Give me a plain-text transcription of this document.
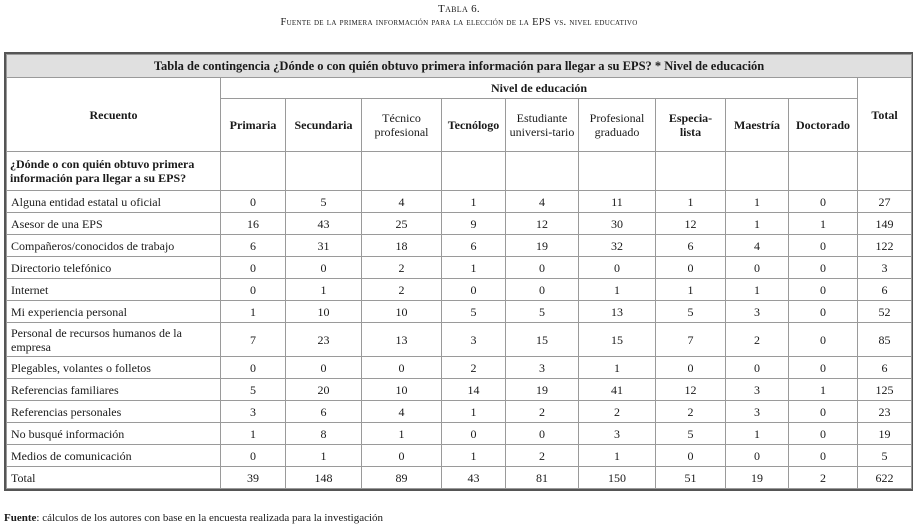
Tabla 6.
Fuente de la primera información para la elección de la EPS vs. nivel educativo
Tabla de contingencia ¿Dónde o con quién obtuvo primera información para llegar a su EPS? * Nivel de educación										
Recuento	Nivel de educación									Total
	Primaria	Secundaria	Técnico profesional	Tecnólogo	Estudiante universi-tario	Profesional graduado	Especia-lista	Maestría	Doctorado	
¿Dónde o con quién obtuvo primera información para llegar a su EPS?										
Alguna entidad estatal u oficial	0	5	4	1	4	11	1	1	0	27
Asesor de una EPS	16	43	25	9	12	30	12	1	1	149
Compañeros/conocidos de trabajo	6	31	18	6	19	32	6	4	0	122
Directorio telefónico	0	0	2	1	0	0	0	0	0	3
Internet	0	1	2	0	0	1	1	1	0	6
Mi experiencia personal	1	10	10	5	5	13	5	3	0	52
Personal de recursos humanos de la empresa	7	23	13	3	15	15	7	2	0	85
Plegables, volantes o folletos	0	0	0	2	3	1	0	0	0	6
Referencias familiares	5	20	10	14	19	41	12	3	1	125
Referencias personales	3	6	4	1	2	2	2	3	0	23
No busqué información	1	8	1	0	0	3	5	1	0	19
Medios de comunicación	0	1	0	1	2	1	0	0	0	5
Total	39	148	89	43	81	150	51	19	2	622
Fuente: cálculos de los autores con base en la encuesta realizada para la investigación
